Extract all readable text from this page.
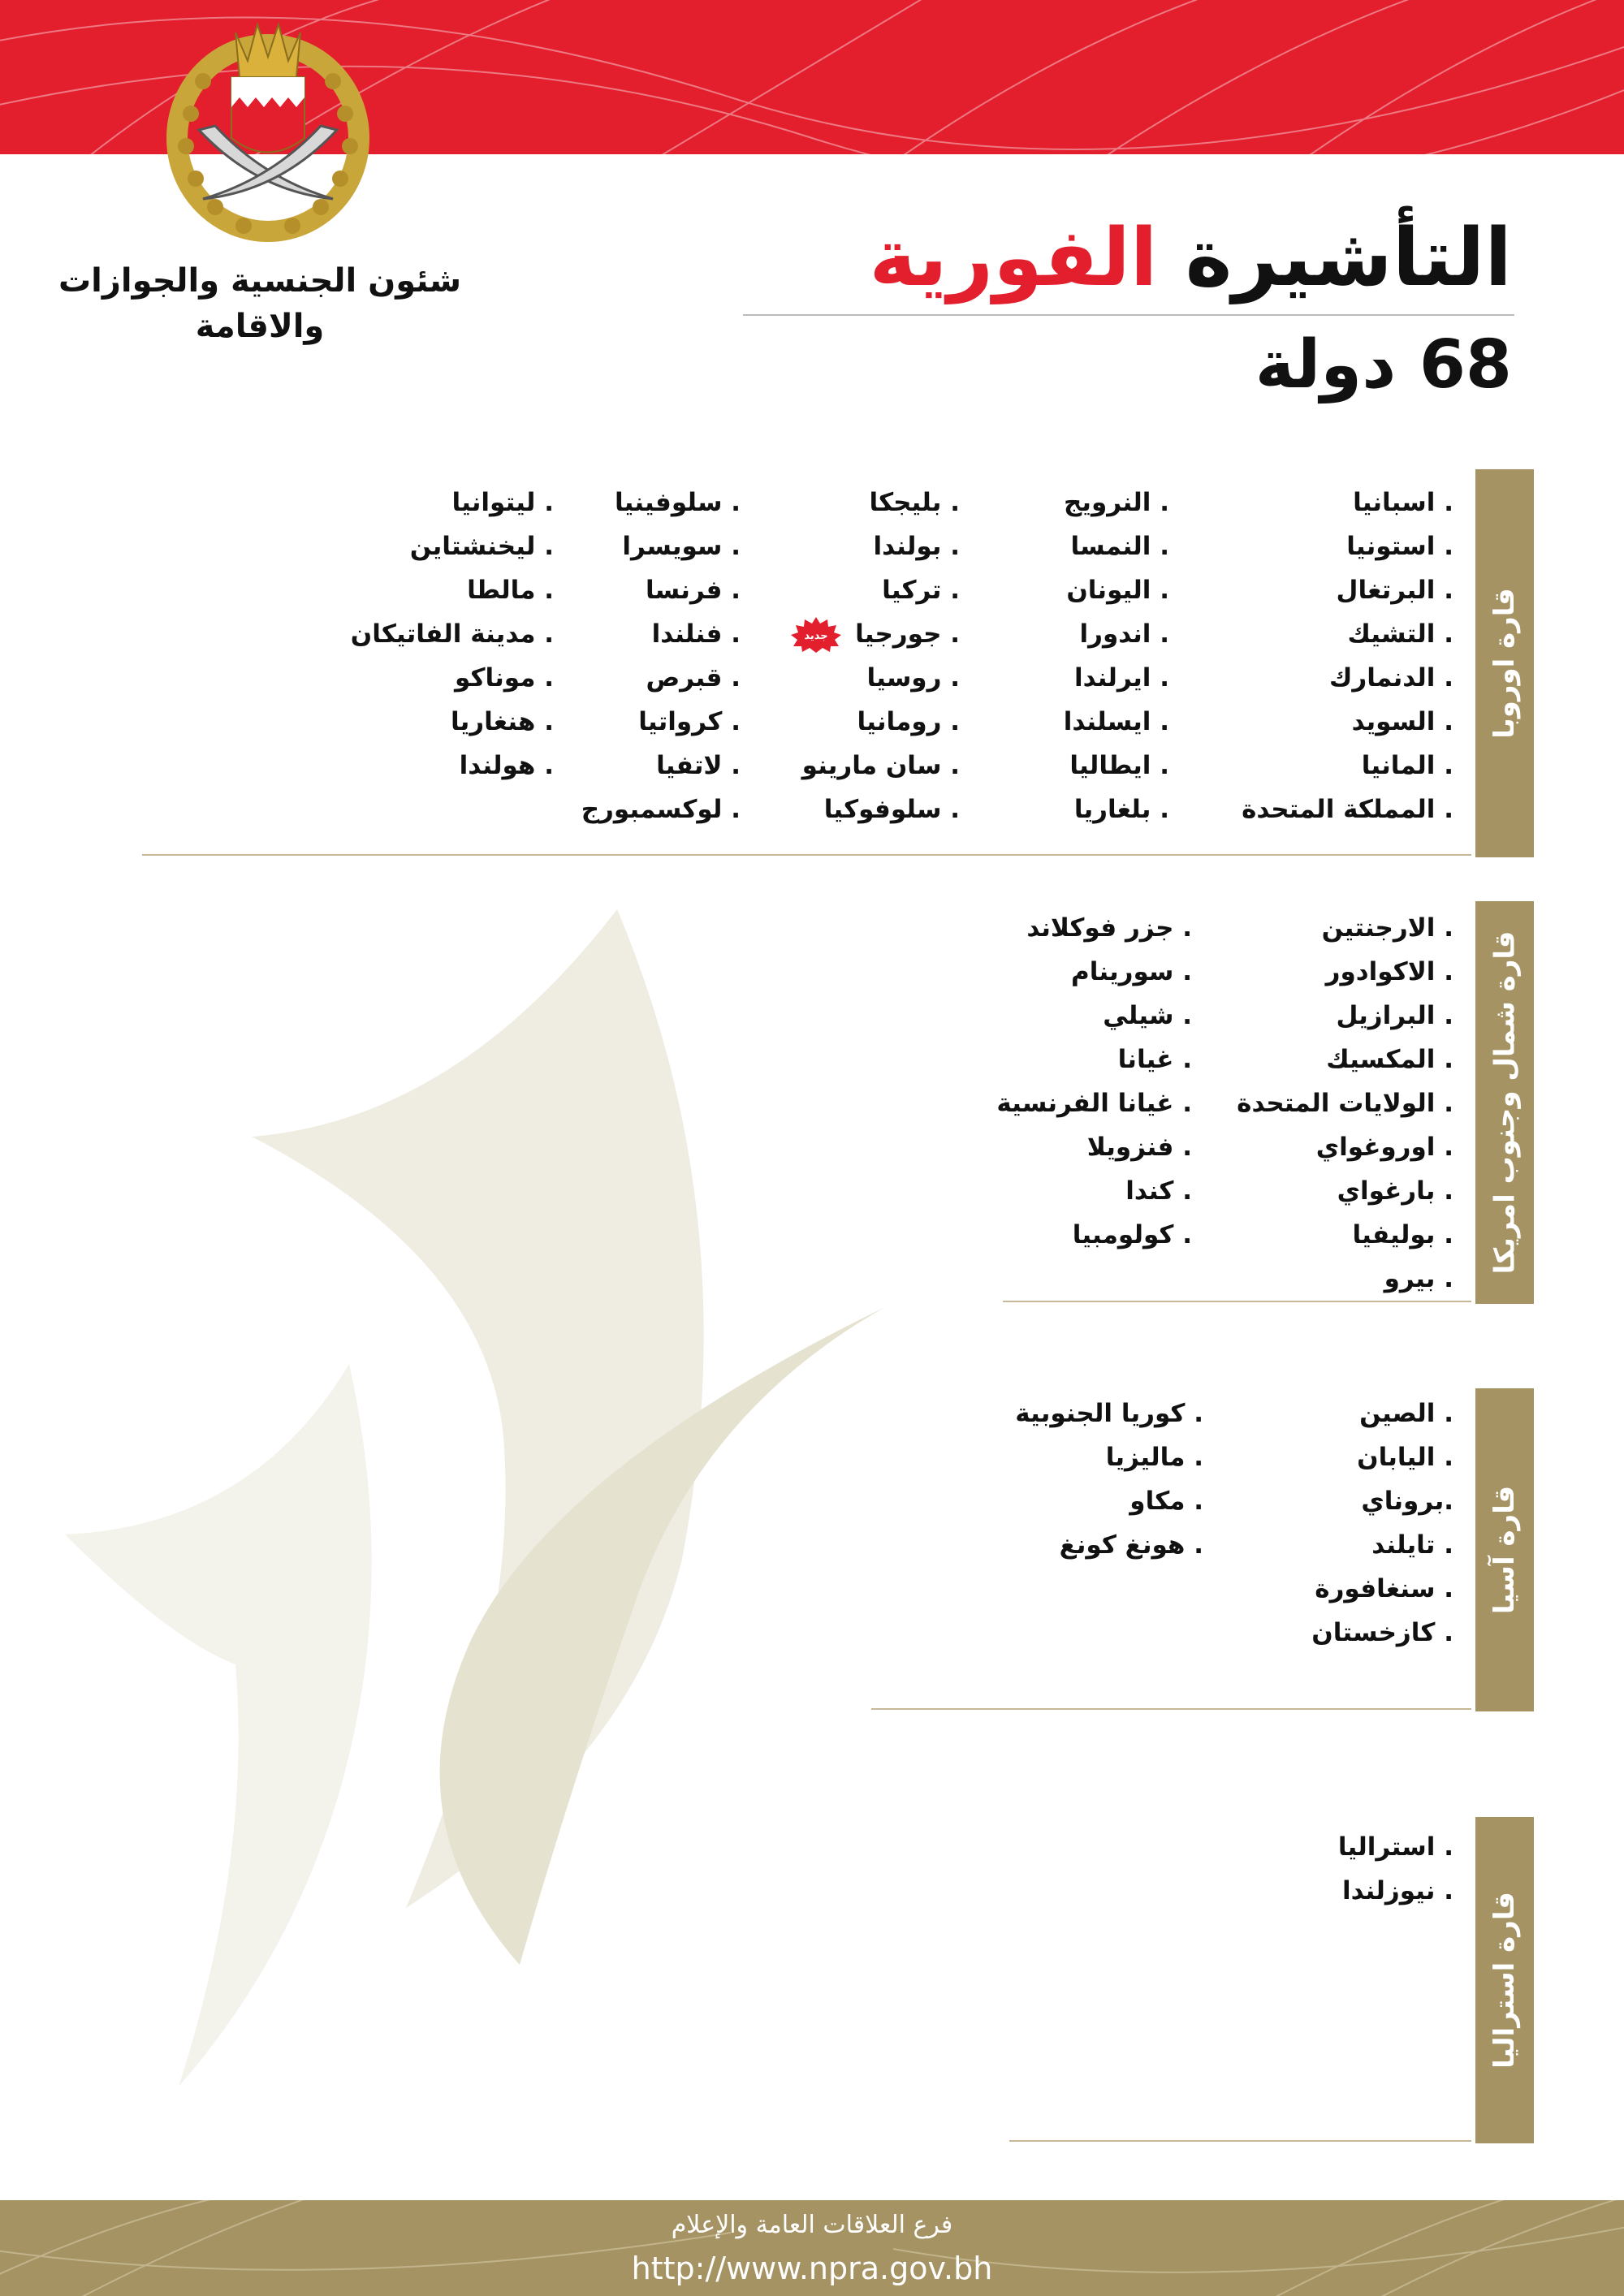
شئون الجنسية والجوازات
والاقامة
التأشيرة الفورية
68 دولة
قارة اوروبا
. اسبانيا
. استونيا
. البرتغال
. التشيك
. الدنمارك
. السويد
. المانيا
. المملكة المتحدة
. النرويج
. النمسا
. اليونان
. اندورا
. ايرلندا
. ايسلندا
. ايطاليا
. بلغاريا
. بليجكا
. بولندا
. تركيا
. جورجيا
. روسيا
. رومانيا
. سان مارينو
. سلوفوكيا
. سلوفينيا
. سويسرا
. فرنسا
. فنلندا
. قبرص
. كرواتيا
. لاتفيا
. لوكسمبورج
. ليتوانيا
. ليخنشتاين
. مالطا
. مدينة الفاتيكان
. موناكو
. هنغاريا
. هولندا
جديد
قارة شمال وجنوب امريكا
. الارجنتين
. الاكوادور
. البرازيل
. المكسيك
. الولايات المتحدة
. اوروغواي
. بارغواي
. بوليفيا
. بيرو
. جزر فوكلاند
. سورينام
. شيلي
. غيانا
. غيانا الفرنسية
. فنزويلا
. كندا
. كولومبيا
قارة آسيا
. الصين
. اليابان
.بروناي
. تايلند
. سنغافورة
. كازخستان
. كوريا الجنوبية
. ماليزيا
. مكاو
. هونغ كونغ
قارة استراليا
. استراليا
. نيوزلندا
فرع العلاقات العامة والإعلام
http://www.npra.gov.bh
